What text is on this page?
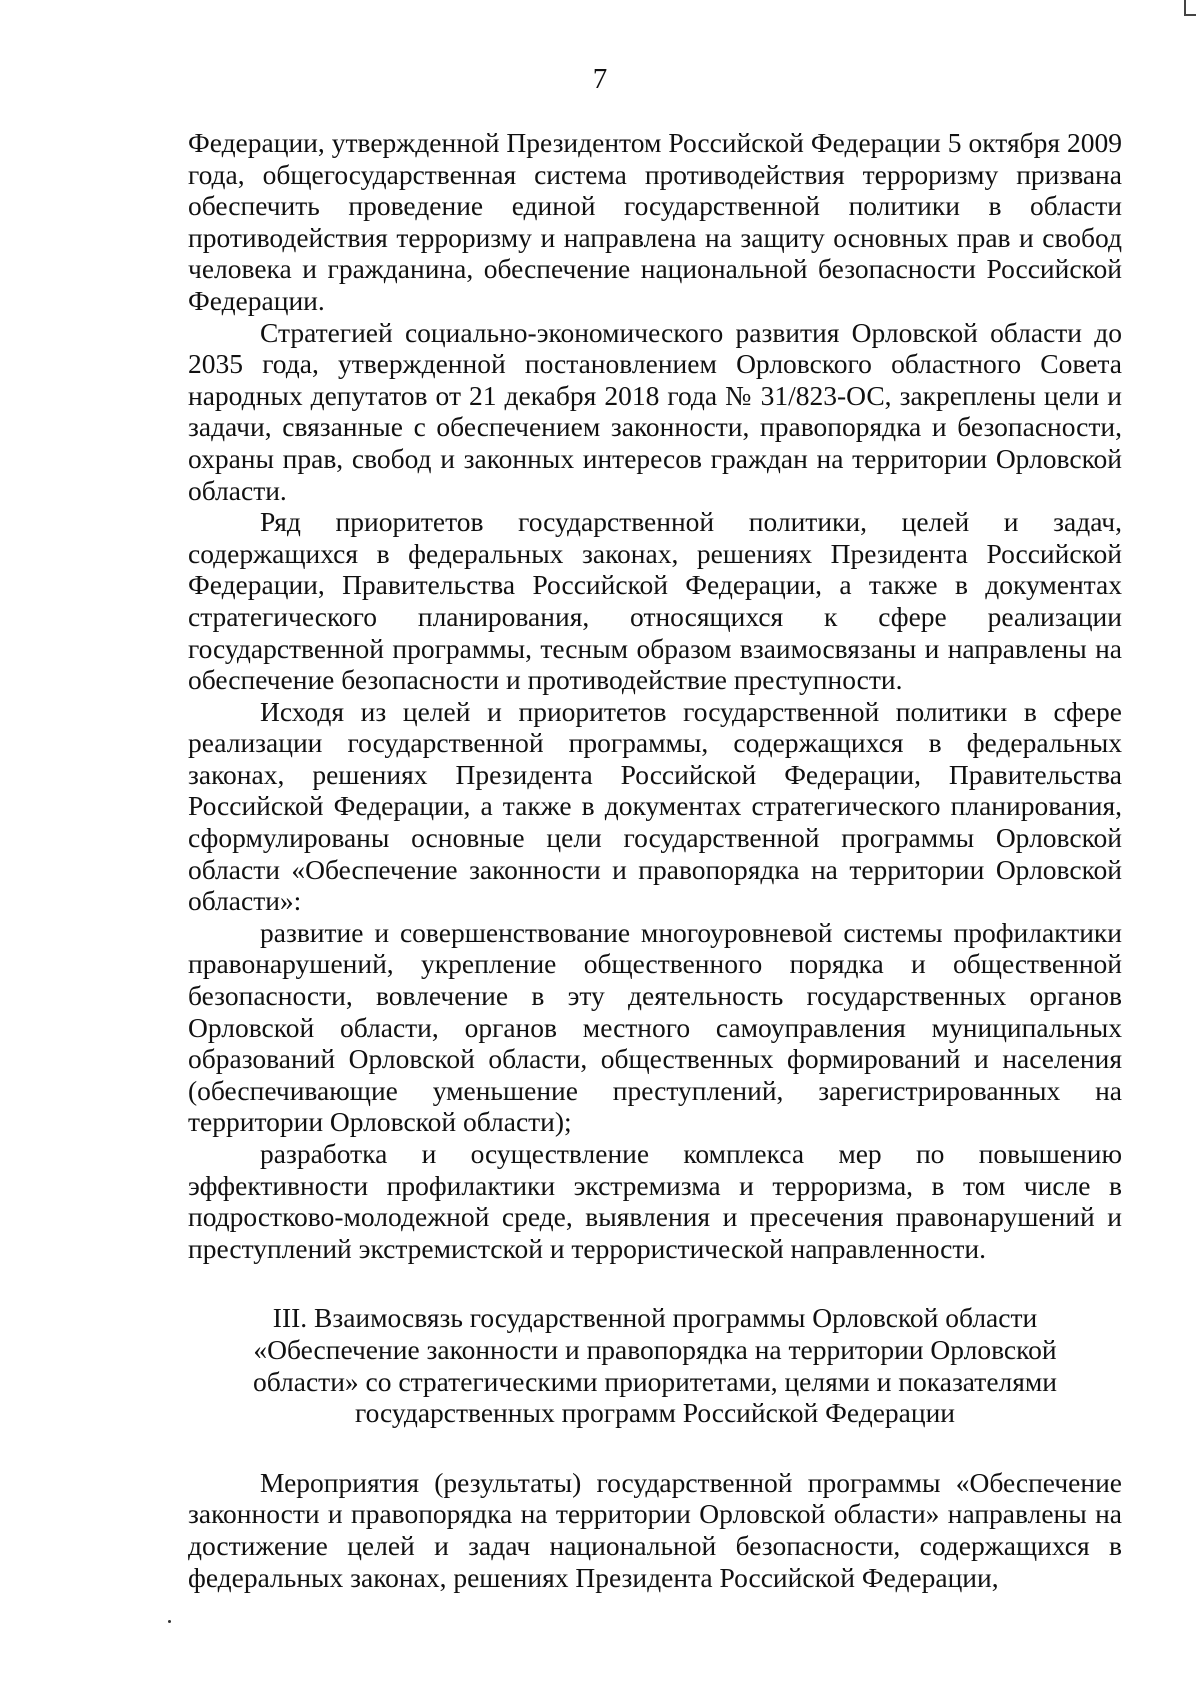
7

Федерации, утвержденной Президентом Российской Федерации 5 октября 2009 года, общегосударственная система противодействия терроризму призвана обеспечить проведение единой государственной политики в области противодействия терроризму и направлена на защиту основных прав и свобод человека и гражданина, обеспечение национальной безопасности Российской Федерации.

Стратегией социально-экономического развития Орловской области до 2035 года, утвержденной постановлением Орловского областного Совета народных депутатов от 21 декабря 2018 года № 31/823-ОС, закреплены цели и задачи, связанные с обеспечением законности, правопорядка и безопасности, охраны прав, свобод и законных интересов граждан на территории Орловской области.

Ряд приоритетов государственной политики, целей и задач, содержащихся в федеральных законах, решениях Президента Российской Федерации, Правительства Российской Федерации, а также в документах стратегического планирования, относящихся к сфере реализации государственной программы, тесным образом взаимосвязаны и направлены на обеспечение безопасности и противодействие преступности.

Исходя из целей и приоритетов государственной политики в сфере реализации государственной программы, содержащихся в федеральных законах, решениях Президента Российской Федерации, Правительства Российской Федерации, а также в документах стратегического планирования, сформулированы основные цели государственной программы Орловской области «Обеспечение законности и правопорядка на территории Орловской области»:

развитие и совершенствование многоуровневой системы профилактики правонарушений, укрепление общественного порядка и общественной безопасности, вовлечение в эту деятельность государственных органов Орловской области, органов местного самоуправления муниципальных образований Орловской области, общественных формирований и населения (обеспечивающие уменьшение преступлений, зарегистрированных на территории Орловской области);

разработка и осуществление комплекса мер по повышению эффективности профилактики экстремизма и терроризма, в том числе в подростково-молодежной среде, выявления и пресечения правонарушений и преступлений экстремистской и террористической направленности.

III. Взаимосвязь государственной программы Орловской области
«Обеспечение законности и правопорядка на территории Орловской
области» со стратегическими приоритетами, целями и показателями
государственных программ Российской Федерации

Мероприятия (результаты) государственной программы «Обеспечение законности и правопорядка на территории Орловской области» направлены на достижение целей и задач национальной безопасности, содержащихся в федеральных законах, решениях Президента Российской Федерации,
